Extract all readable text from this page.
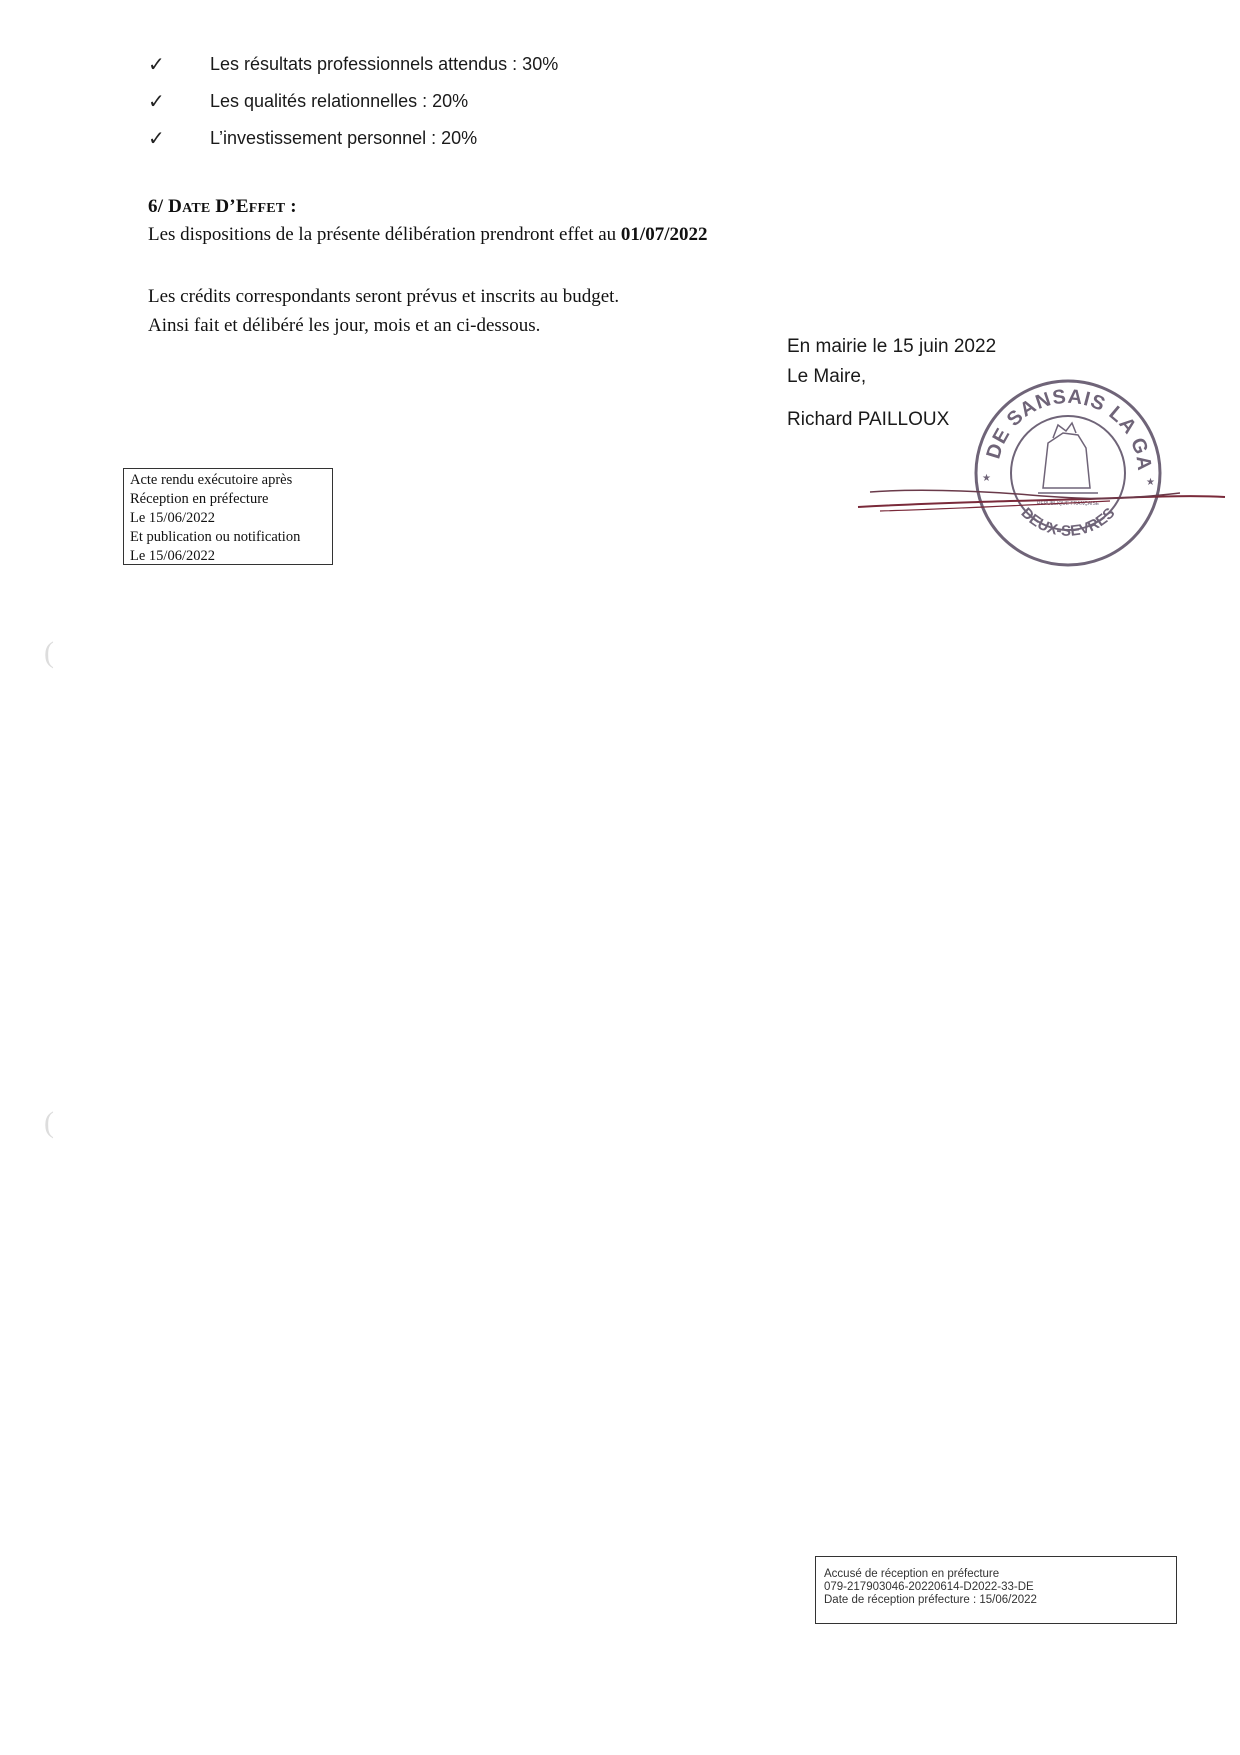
✓	Les résultats professionnels attendus : 30%
✓	Les qualités relationnelles : 20%
✓	L’investissement personnel : 20%
6/ DATE D’EFFET :
Les dispositions de la présente délibération prendront effet au 01/07/2022
Les crédits correspondants seront prévus et inscrits au budget.
Ainsi fait et délibéré les jour, mois et an ci-dessous.
En mairie le 15 juin 2022
Le Maire,
Richard PAILLOUX
DE SANSAIS LA GA
DEUX-SEVRES
RÉPUBLIQUE FRANÇAISE
★	★
Acte rendu exécutoire après
Réception en préfecture
Le 15/06/2022
Et publication ou notification
Le 15/06/2022
(
(
Accusé de réception en préfecture
079-217903046-20220614-D2022-33-DE
Date de réception préfecture : 15/06/2022
